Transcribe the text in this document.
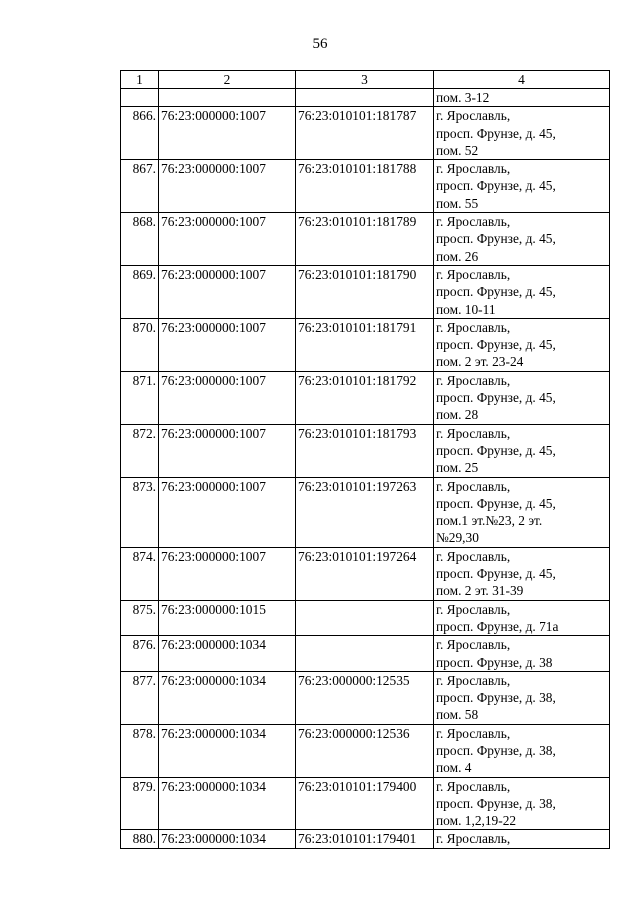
56
1	2	3	4

			пом. 3-12

866.	76:23:000000:1007	76:23:010101:181787	г. Ярославль,
просп. Фрунзе, д. 45,
пом. 52

867.	76:23:000000:1007	76:23:010101:181788	г. Ярославль,
просп. Фрунзе, д. 45,
пом. 55

868.	76:23:000000:1007	76:23:010101:181789	г. Ярославль,
просп. Фрунзе, д. 45,
пом. 26

869.	76:23:000000:1007	76:23:010101:181790	г. Ярославль,
просп. Фрунзе, д. 45,
пом. 10-11

870.	76:23:000000:1007	76:23:010101:181791	г. Ярославль,
просп. Фрунзе, д. 45,
пом. 2 эт. 23-24

871.	76:23:000000:1007	76:23:010101:181792	г. Ярославль,
просп. Фрунзе, д. 45,
пом. 28

872.	76:23:000000:1007	76:23:010101:181793	г. Ярославль,
просп. Фрунзе, д. 45,
пом. 25

873.	76:23:000000:1007	76:23:010101:197263	г. Ярославль,
просп. Фрунзе, д. 45,
пом.1 эт.№23, 2 эт.
№29,30

874.	76:23:000000:1007	76:23:010101:197264	г. Ярославль,
просп. Фрунзе, д. 45,
пом. 2 эт. 31-39

875.	76:23:000000:1015		г. Ярославль,
просп. Фрунзе, д. 71а

876.	76:23:000000:1034		г. Ярославль,
просп. Фрунзе, д. 38

877.	76:23:000000:1034	76:23:000000:12535	г. Ярославль,
просп. Фрунзе, д. 38,
пом. 58

878.	76:23:000000:1034	76:23:000000:12536	г. Ярославль,
просп. Фрунзе, д. 38,
пом. 4

879.	76:23:000000:1034	76:23:010101:179400	г. Ярославль,
просп. Фрунзе, д. 38,
пом. 1,2,19-22

880.	76:23:000000:1034	76:23:010101:179401	г. Ярославль,
